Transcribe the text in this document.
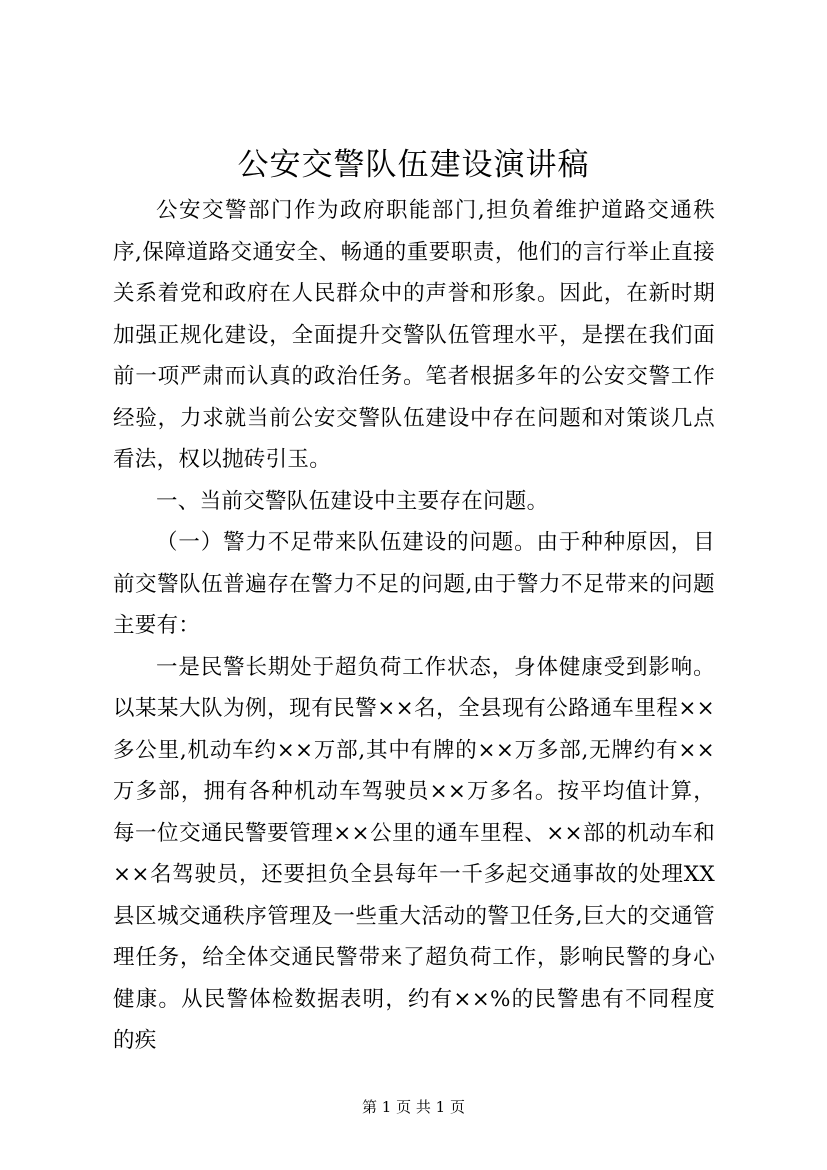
公安交警队伍建设演讲稿

公安交警部门作为政府职能部门,担负着维护道路交通秩序,保障道路交通安全、畅通的重要职责，他们的言行举止直接关系着党和政府在人民群众中的声誉和形象。因此，在新时期加强正规化建设，全面提升交警队伍管理水平，是摆在我们面前一项严肃而认真的政治任务。笔者根据多年的公安交警工作经验，力求就当前公安交警队伍建设中存在问题和对策谈几点看法，权以抛砖引玉。

一、当前交警队伍建设中主要存在问题。

（一）警力不足带来队伍建设的问题。由于种种原因，目前交警队伍普遍存在警力不足的问题,由于警力不足带来的问题主要有：

一是民警长期处于超负荷工作状态，身体健康受到影响。以某某大队为例，现有民警××名，全县现有公路通车里程××多公里,机动车约××万部,其中有牌的××万多部,无牌约有××万多部，拥有各种机动车驾驶员××万多名。按平均值计算，每一位交通民警要管理××公里的通车里程、××部的机动车和××名驾驶员，还要担负全县每年一千多起交通事故的处理XX县区城交通秩序管理及一些重大活动的警卫任务,巨大的交通管理任务，给全体交通民警带来了超负荷工作，影响民警的身心健康。从民警体检数据表明，约有××%的民警患有不同程度的疾

第 1 页 共 1 页
